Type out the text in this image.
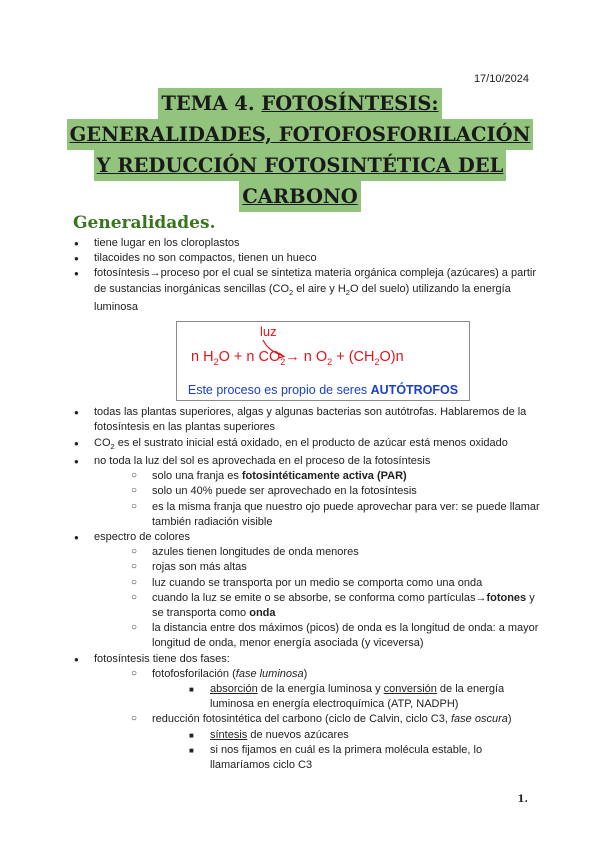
17/10/2024
TEMA 4. FOTOSÍNTESIS:
GENERALIDADES, FOTOFOSFORILACIÓN
Y REDUCCIÓN FOTOSINTÉTICA DEL
CARBONO
Generalidades.
● tiene lugar en los cloroplastos
● tilacoides no son compactos, tienen un hueco
● fotosíntesis→proceso por el cual se sintetiza materia orgánica compleja (azúcares) a partir de sustancias inorgánicas sencillas ($CO_2$ el aire y $H_2O$ del suelo) utilizando la energía luminosa
luz
n $H_2O + n$ $CO_2\to n$ $O_2 + (CH_2O)n$
Este proceso es propio de seres AUTÓTROFOS
● todas las plantas superiores, algas y algunas bacterias son autótrofas. Hablaremos de la fotosíntesis en las plantas superiores
● $CO_2$ es el sustrato inicial está oxidado, en el producto de azúcar está menos oxidado
● no toda la luz del sol es aprovechada en el proceso de la fotosíntesis
○ solo una franja es fotosintéticamente activa (PAR)
○ solo un 40% puede ser aprovechado en la fotosíntesis
○ es la misma franja que nuestro ojo puede aprovechar para ver: se puede llamar también radiación visible
● espectro de colores
○ azules tienen longitudes de onda menores
○ rojas son más altas
○ luz cuando se transporta por un medio se comporta como una onda
○ cuando la luz se emite o se absorbe, se conforma como partículas→fotones y se transporta como onda
○ la distancia entre dos máximos (picos) de onda es la longitud de onda: a mayor longitud de onda, menor energía asociada (y viceversa)
● fotosíntesis tiene dos fases:
○ fotofosforilación (fase luminosa)
■ absorción de la energía luminosa y conversión de la energía luminosa en energía electroquímica (ATP, NADPH)
○ reducción fotosintética del carbono (ciclo de Calvin, ciclo C3, fase oscura)
■ síntesis de nuevos azúcares
■ si nos fijamos en cuál es la primera molécula estable, lo llamaríamos ciclo C3
1.
